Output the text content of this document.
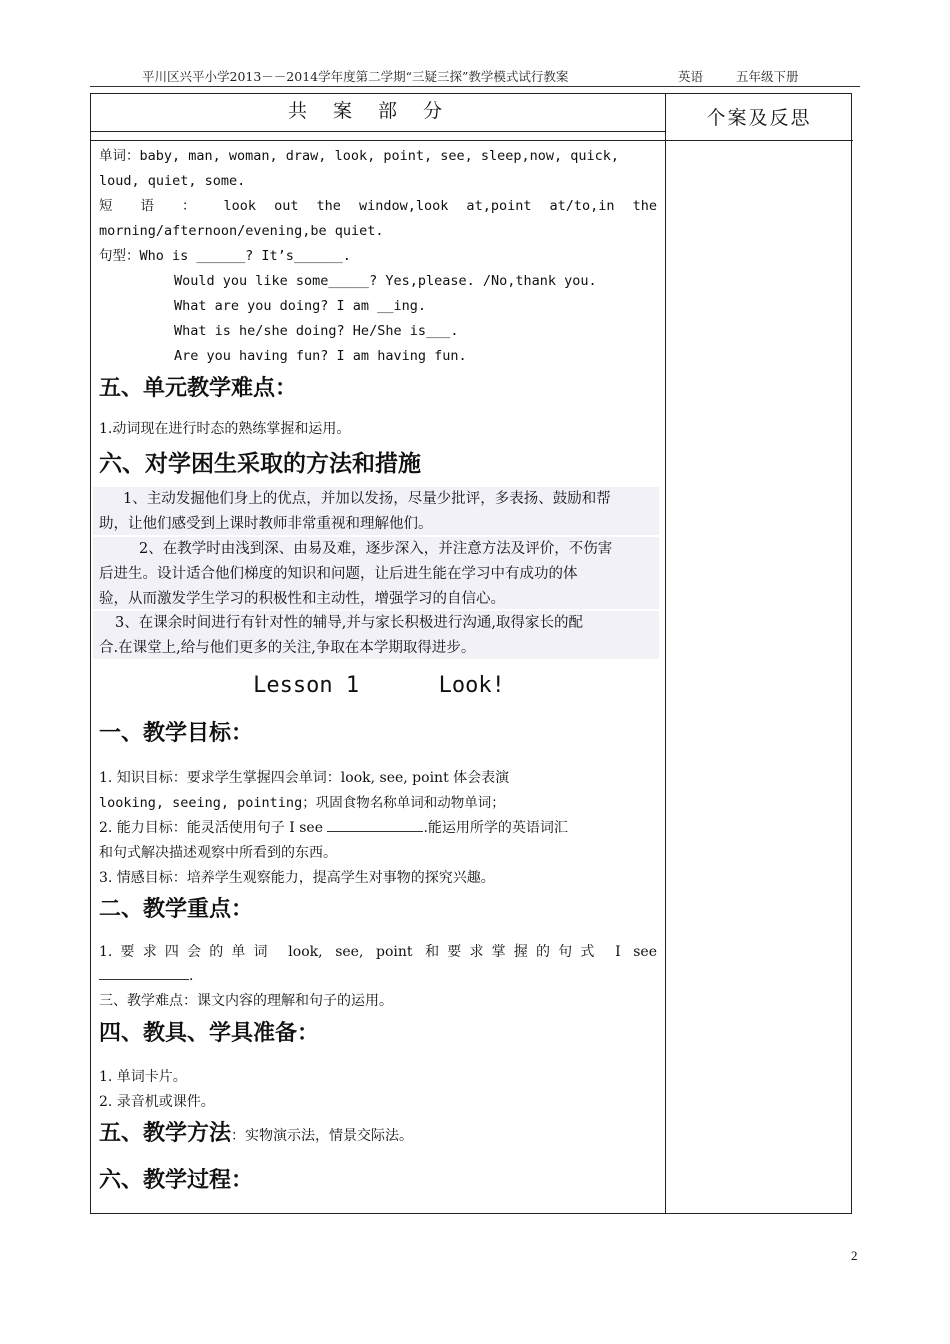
平川区兴平小学2013－－2014学年度第二学期“三疑三探”教学模式试行教案	英语	五年级下册
共案部分	个案及反思
单词：baby, man, woman, draw, look, point, see, sleep,now, quick,
loud, quiet, some.
短 语 ： look out the window,look at,point at/to,in the
morning/afternoon/evening,be quiet.
句型：Who is ______? It’s______.
Would you like some_____? Yes,please. /No,thank you.
What are you doing? I am __ing.
What is he/she doing? He/She is___.
Are you having fun? I am having fun.
五、单元教学难点：
1.动词现在进行时态的熟练掌握和运用。
六、对学困生采取的方法和措施
1、主动发掘他们身上的优点，并加以发扬，尽量少批评，多表扬、鼓励和帮
助，让他们感受到上课时教师非常重视和理解他们。
2、在教学时由浅到深、由易及难，逐步深入，并注意方法及评价，不伤害
后进生。设计适合他们梯度的知识和问题，让后进生能在学习中有成功的体
验，从而激发学生学习的积极性和主动性，增强学习的自信心。
3、在课余时间进行有针对性的辅导,并与家长积极进行沟通,取得家长的配
合.在课堂上,给与他们更多的关注,争取在本学期取得进步。
Lesson 1      Look!
一、教学目标：
1. 知识目标：要求学生掌握四会单词：look, see, point 体会表演
looking, seeing, pointing；巩固食物名称单词和动物单词；
2. 能力目标：能灵活使用句子 I see	.能运用所学的英语词汇
和句式解决描述观察中所看到的东西。
3. 情感目标：培养学生观察能力，提高学生对事物的探究兴趣。
二、教学重点：
1.要求四会的单词 look, see, point 和要求掌握的句式 I see
.
三、教学难点：课文内容的理解和句子的运用。
四、教具、学具准备：
1. 单词卡片。
2. 录音机或课件。
五、教学方法：实物演示法，情景交际法。
六、教学过程：
2
